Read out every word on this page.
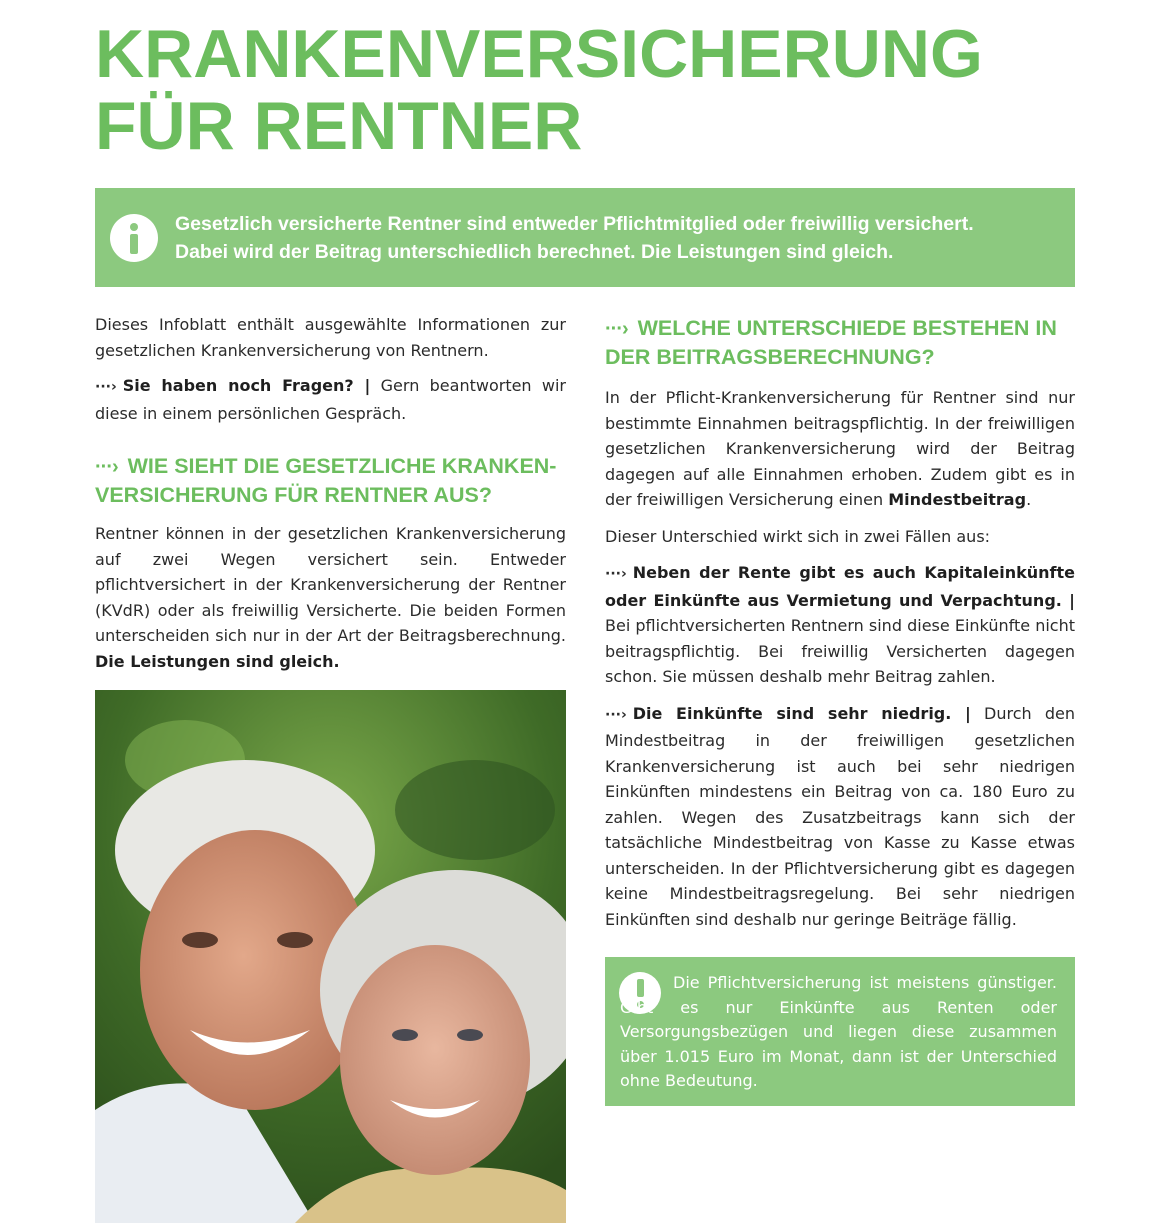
KRANKENVERSICHERUNG
FÜR RENTNER
Gesetzlich versicherte Rentner sind entweder Pflichtmitglied oder freiwillig versichert.
Dabei wird der Beitrag unterschiedlich berechnet. Die Leistungen sind gleich.

Dieses Infoblatt enthält ausgewählte Informationen zur gesetzlichen Krankenversicherung von Rentnern.

···› Sie haben noch Fragen? | Gern beantworten wir diese in einem persönlichen Gespräch.

···› WIE SIEHT DIE GESETZLICHE KRANKEN-
VERSICHERUNG FÜR RENTNER AUS?

Rentner können in der gesetzlichen Krankenversicherung auf zwei Wegen versichert sein. Entweder pflichtversichert in der Krankenversicherung der Rentner (KVdR) oder als freiwillig Versicherte. Die beiden Formen unterscheiden sich nur in der Art der Beitragsberechnung. Die Leistungen sind gleich.

···› WELCHE UNTERSCHIEDE BESTEHEN IN
DER BEITRAGSBERECHNUNG?

In der Pflicht-Krankenversicherung für Rentner sind nur bestimmte Einnahmen beitragspflichtig. In der freiwilligen gesetzlichen Krankenversicherung wird der Beitrag dagegen auf alle Einnahmen erhoben. Zudem gibt es in der freiwilligen Versicherung einen Mindestbeitrag.

Dieser Unterschied wirkt sich in zwei Fällen aus:

···› Neben der Rente gibt es auch Kapitaleinkünfte oder Einkünfte aus Vermietung und Verpachtung. | Bei pflichtversicherten Rentnern sind diese Einkünfte nicht beitragspflichtig. Bei freiwillig Versicherten dagegen schon. Sie müssen deshalb mehr Beitrag zahlen.

···› Die Einkünfte sind sehr niedrig. | Durch den Mindestbeitrag in der freiwilligen gesetzlichen Krankenversicherung ist auch bei sehr niedrigen Einkünften mindestens ein Beitrag von ca. 180 Euro zu zahlen. Wegen des Zusatzbeitrags kann sich der tatsächliche Mindestbeitrag von Kasse zu Kasse etwas unterscheiden. In der Pflichtversicherung gibt es dagegen keine Mindestbeitragsregelung. Bei sehr niedrigen Einkünften sind deshalb nur geringe Beiträge fällig.

Die Pflichtversicherung ist meistens günstiger. Gibt es nur Einkünfte aus Renten oder Versorgungsbezügen und liegen diese zusammen über 1.015 Euro im Monat, dann ist der Unterschied ohne Bedeutung.
